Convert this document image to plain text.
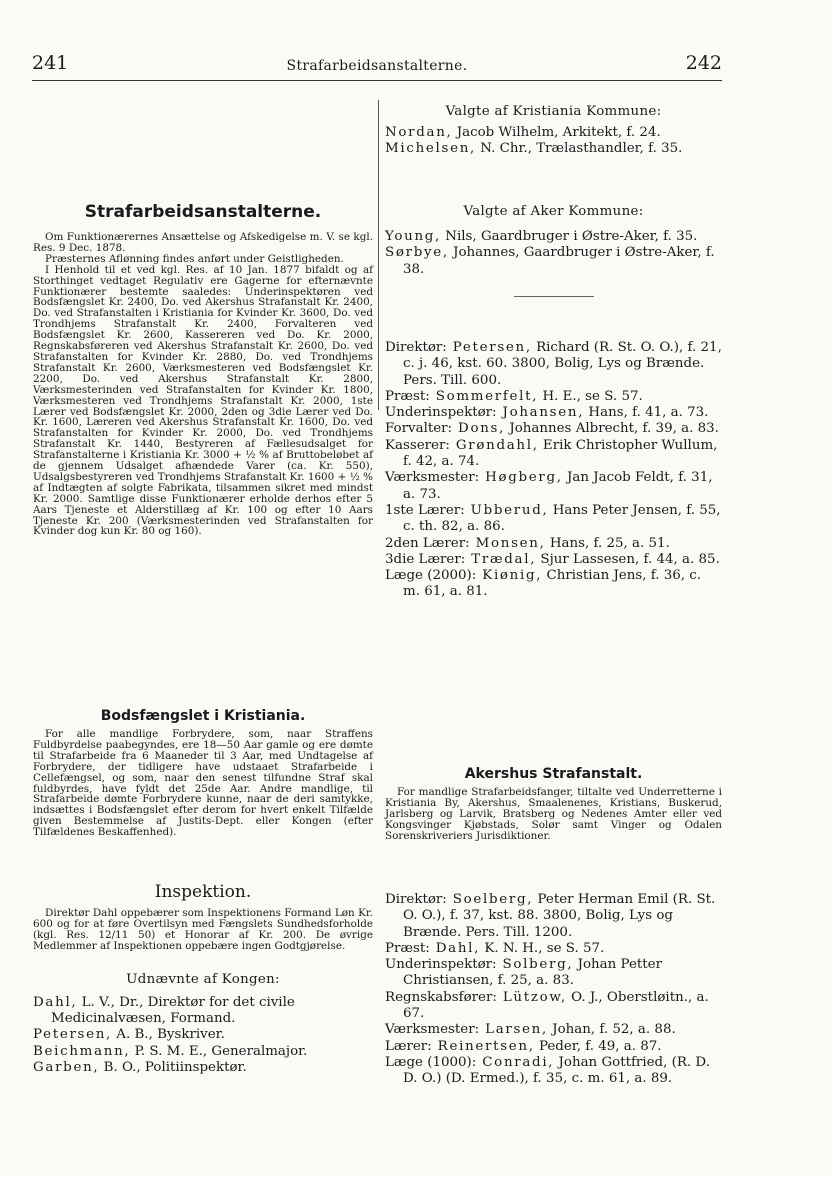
241	Strafarbeidsanstalterne.	242
Strafarbeidsanstalterne.

Om Funktionærernes Ansættelse og Afskedigelse m. V. se kgl. Res. 9 Dec. 1878.

Præsternes Aflønning findes anført under Geistligheden.

I Henhold til et ved kgl. Res. af 10 Jan. 1877 bifaldt og af Storthinget vedtaget Regulativ ere Gagerne for efternævnte Funktionærer bestemte saaledes: Underinspektøren ved Bodsfængslet Kr. 2400, Do. ved Akershus Strafanstalt Kr. 2400, Do. ved Strafanstalten i Kristiania for Kvinder Kr. 3600, Do. ved Trondhjems Strafanstalt Kr. 2400, Forvalteren ved Bodsfængslet Kr. 2600, Kassereren ved Do. Kr. 2000, Regnskabsføreren ved Akershus Strafanstalt Kr. 2600, Do. ved Strafanstalten for Kvinder Kr. 2880, Do. ved Trondhjems Strafanstalt Kr. 2600, Værksmesteren ved Bodsfængslet Kr. 2200, Do. ved Akershus Strafanstalt Kr. 2800, Værksmesterinden ved Strafanstalten for Kvinder Kr. 1800, Værksmesteren ved Trondhjems Strafanstalt Kr. 2000, 1ste Lærer ved Bodsfængslet Kr. 2000, 2den og 3die Lærer ved Do. Kr. 1600, Læreren ved Akershus Strafanstalt Kr. 1600, Do. ved Strafanstalten for Kvinder Kr. 2000, Do. ved Trondhjems Strafanstalt Kr. 1440, Bestyreren af Fællesudsalget for Strafanstalterne i Kristiania Kr. 3000 + ½ % af Bruttobeløbet af de gjennem Udsalget afhændede Varer (ca. Kr. 550), Udsalgsbestyreren ved Trondhjems Strafanstalt Kr. 1600 + ½ % af Indtægten af solgte Fabrikata, tilsammen sikret med mindst Kr. 2000. Samtlige disse Funktionærer erholde derhos efter 5 Aars Tjeneste et Alderstillæg af Kr. 100 og efter 10 Aars Tjeneste Kr. 200 (Værksmesterinden ved Strafanstalten for Kvinder dog kun Kr. 80 og 160).

Bodsfængslet i Kristiania.

For alle mandlige Forbrydere, som, naar Straffens Fuldbyrdelse paabegyndes, ere 18—50 Aar gamle og ere dømte til Strafarbeide fra 6 Maaneder til 3 Aar, med Undtagelse af Forbrydere, der tidligere have udstaaet Strafarbeide i Cellefængsel, og som, naar den senest tilfundne Straf skal fuldbyrdes, have fyldt det 25de Aar. Andre mandlige, til Strafarbeide dømte Forbrydere kunne, naar de deri samtykke, indsættes i Bodsfængslet efter derom for hvert enkelt Tilfælde given Bestemmelse af Justits-Dept. eller Kongen (efter Tilfældenes Beskaffenhed).

Inspektion.

Direktør Dahl oppebærer som Inspektionens Formand Løn Kr. 600 og for at føre Overtilsyn med Fængslets Sundhedsforholde (kgl. Res. 12/11 50) et Honorar af Kr. 200. De øvrige Medlemmer af Inspektionen oppebære ingen Godtgjørelse.

Udnævnte af Kongen:
Dahl, L. V., Dr., Direktør for det civile Medicinalvæsen, Formand.
Petersen, A. B., Byskriver.
Beichmann, P. S. M. E., Generalmajor.
Garben, B. O., Politiinspektør.
Valgte af Kristiania Kommune:
Nordan, Jacob Wilhelm, Arkitekt, f. 24.
Michelsen, N. Chr., Trælasthandler, f. 35.
Valgte af Aker Kommune:
Young, Nils, Gaardbruger i Østre-Aker, f. 35.
Sørbye, Johannes, Gaardbruger i Østre-Aker, f. 38.
Direktør: Petersen, Richard (R. St. O. O.), f. 21, c. j. 46, kst. 60. 3800, Bolig, Lys og Brænde. Pers. Till. 600.
Præst: Sommerfelt, H. E., se S. 57.
Underinspektør: Johansen, Hans, f. 41, a. 73.
Forvalter: Dons, Johannes Albrecht, f. 39, a. 83.
Kasserer: Grøndahl, Erik Christopher Wullum, f. 42, a. 74.
Værksmester: Høgberg, Jan Jacob Feldt, f. 31, a. 73.
1ste Lærer: Ubberud, Hans Peter Jensen, f. 55, c. th. 82, a. 86.
2den Lærer: Monsen, Hans, f. 25, a. 51.
3die Lærer: Trædal, Sjur Lassesen, f. 44, a. 85.
Læge (2000): Kiønig, Christian Jens, f. 36, c. m. 61, a. 81.
Akershus Strafanstalt.

For mandlige Strafarbeidsfanger, tiltalte ved Underretterne i Kristiania By, Akershus, Smaalenenes, Kristians, Buskerud, Jarlsberg og Larvik, Bratsberg og Nedenes Amter eller ved Kongsvinger Kjøbstads, Solør samt Vinger og Odalen Sorenskriveriers Jurisdiktioner.

Direktør: Soelberg, Peter Herman Emil (R. St. O. O.), f. 37, kst. 88. 3800, Bolig, Lys og Brænde. Pers. Till. 1200.
Præst: Dahl, K. N. H., se S. 57.
Underinspektør: Solberg, Johan Petter Christiansen, f. 25, a. 83.
Regnskabsfører: Lützow, O. J., Oberstløitn., a. 67.
Værksmester: Larsen, Johan, f. 52, a. 88.
Lærer: Reinertsen, Peder, f. 49, a. 87.
Læge (1000): Conradi, Johan Gottfried, (R. D. D. O.) (D. Ermed.), f. 35, c. m. 61, a. 89.
